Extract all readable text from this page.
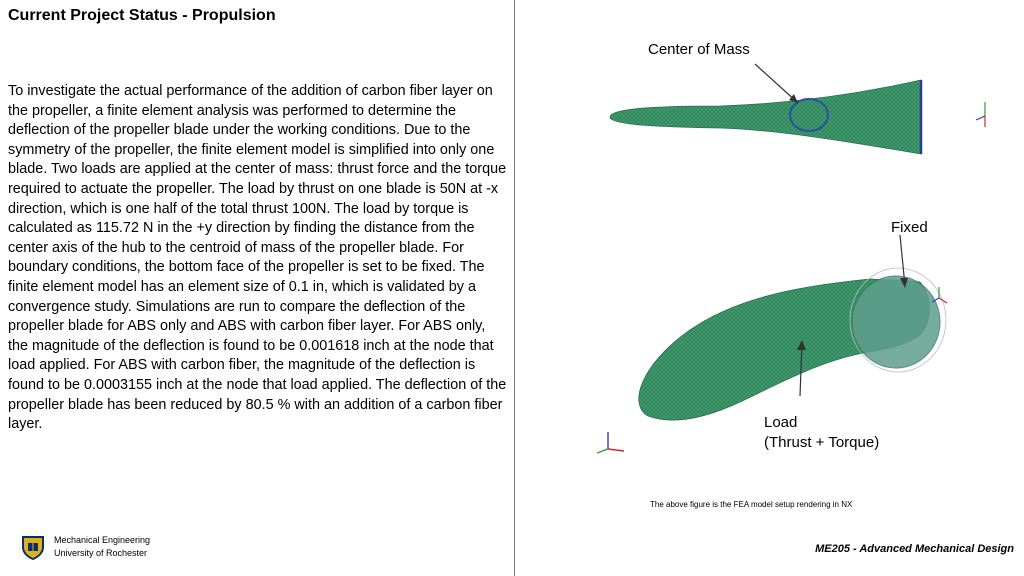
Current Project Status - Propulsion

To investigate the actual performance of the addition of carbon fiber layer on the propeller, a finite element analysis was performed to determine the deflection of the propeller blade under the working conditions. Due to the symmetry of the propeller, the finite element model is simplified into only one blade. Two loads are applied at the center of mass: thrust force and the torque required to actuate the propeller. The load by thrust on one blade is 50N at -x direction, which is one half of the total thrust 100N. The load by torque is calculated as 115.72 N in the +y direction by finding the distance from the center axis of the hub to the centroid of mass of the propeller blade. For boundary conditions, the bottom face of the propeller is set to be fixed. The finite element model has an element size of 0.1 in, which is validated by a convergence study. Simulations are run to compare the deflection of the propeller blade for ABS only and ABS with carbon fiber layer. For ABS only, the magnitude of the deflection is found to be 0.001618 inch at the node that load applied. For ABS with carbon fiber, the magnitude of the deflection is found to be 0.0003155 inch at the node that load applied. The deflection of the propeller blade has been reduced by 80.5 % with an addition of a carbon fiber layer.

Center of Mass
Fixed
Load
(Thrust + Torque)
The above figure is the FEA model setup rendering in NX
Mechanical Engineering
University of Rochester	ME205 - Advanced Mechanical Design
